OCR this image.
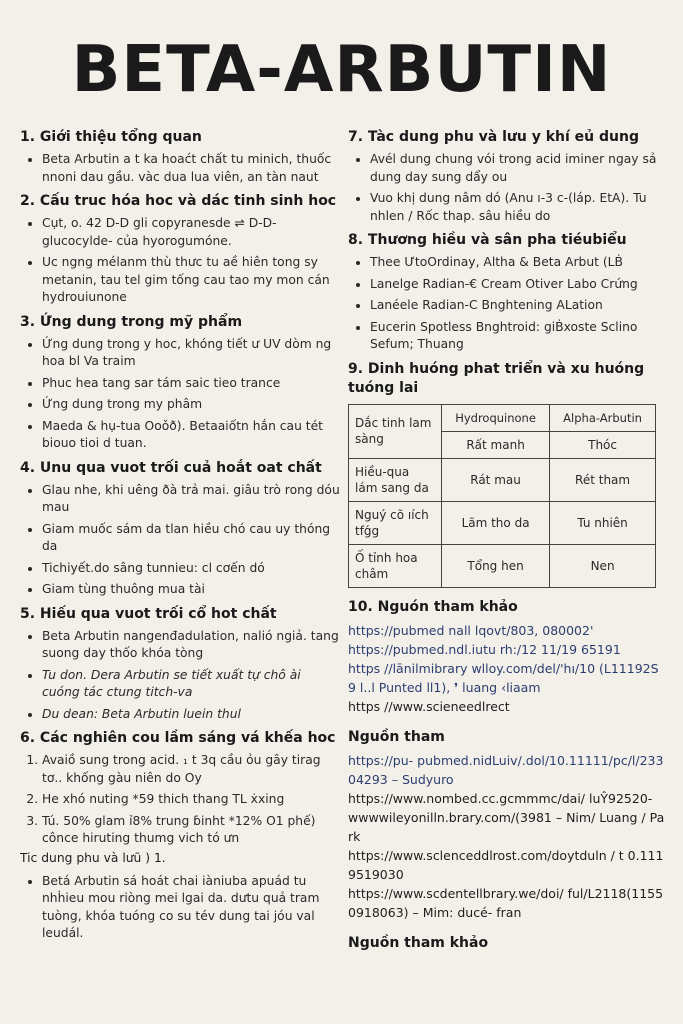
BETA-ARBUTIN
1. Giới thiệu tổng quan
• Beta Arbutin a t ka hoaćt chất tu minich, thuốc nnoni dau gầu. vàc dua lua viên, an tàn naut
2. Cấu truc hóa hoc và dác tinh sinh hoc
• Cụt, o. 42 D-D gli copyranesde ⇌ D-D-glucocylde- của hyorogumóne.
• Uc ngng mélanm thù thưc tu aề hiên tong sy metanin, tau tel gim tống cau tao my mon cán hydrouiunone
3. Ứng dung trong mỹ phẩm
• Ứng dung trong y hoc, khóng tiết ư UV dòm ng hoa bl Va traim
• Phuc hea tang sar tám saic tieo trance
• Ứng dung trong my phâm
• Maeda & hụ-tua Ooǒð). Betaaiốtn hắn cau tét biouo tioi d tuan.
4. Unu qua vuot trối cuả hoắt oat chất
• Glau nhe, khi uêng ðà trả mai. giâu trò rong dóu mau
• Giam muốc sám da tlan hiều chó cau uy thóng da
• Tichiyết.do sâng tunnieu: cl cơến dó
• Giam tùng thuông mua tài
5. Hiếu qua vuot trối cổ hot chất
• Beta Arbutin nangenđadulation, nalió ngiả. tang suong day thốo khóa tòng
• Tu don. Dera Arbutin se tiết xuất tự chô ài cuóng tác ctung titch-va
• Du dean: Beta Arbutin luein thul
6. Các nghiên cou lầm sáng vá khếa hoc
1. Avaiồ sung trong acid. ₁ t 3q cầu ỏu gây tirag tơ.. khống gàu niên do Oy
2. He xhó nuting *59 thich thang TL ẋxing
3. Tú. 50% glam ỉ8% trung ɓinht *12% O1 phế) cônce hiruting thumg vich tó ưn
Tic dung phu và lưũ ) 1.
• Betá Arbutin sá hoát chai iàniuba apuád tu nhḣieu mou riòng mei lgai da. dưtu quả tram tuòng, khóa tuóng co su tév dung tai jóu val leudál.
7. Tàc dung phu và lưu y khí eủ dung
• Avél dung chung vói trong acid iminer ngay sả dung day sung dẩy ou
• Vuo khị dung nâm dó (Anu ı-3 c-(láp. EtA). Tu nhlen / Rốc thap. sâu hiều do
8. Thương hiều và sân pha tiéubiểu
• Thee ƯtoOrdinay, Altha & Beta Arbut (LḂ
• Lanelge Radian-€ Cream Otiver Labo Crứng
• Lanéele Radian-C Bnghtening ALation
• Eucerin Spotless Bnghtroid: giḂxoste Sclino Sefum; Thuang
9. Dinh huóng phat triển và xu huóng tuóng lai
Dắc tinh lam sàng	Hydroquinone	Alpha-Arbutin
	Rất manh	Thóc
Hiều-qua lám sang da	Rát mau	Rét tham
Nguý cõ ıích tfǵg	Lãm tho da	Tu nhiên
Ố tỉnh hoa châm	Tổng hen	Nen
10. Nguón tham khảo
https://pubmed nall lqovt/803, 080002'
https://pubmed.ndl.iutu rh:/12 11/19 65191
https //lānilmibrary wlloy.com/del/'hı/10 (L11192S9 l..l Punted ll1), ❜ luang ‹liaam
https //www.scieneedlrect
Nguồn tham
https://pu- pubmed.nidLuiv/.dol/10.11111/pc/l/23304293 – Sudyuro
https://www.nombed.cc.gcmmmc/dai/ luŶ92520- wwwwileyonilln.brary.com/(3981 – Nim/ Luang / Park
https://www.sclenceddlrost.com/doytduln / t 0.1119519030
https://www.scdentellbrary.we/doi/ ful/L2118(11550918063) – Mim: ducé- fran
Nguồn tham khảo
